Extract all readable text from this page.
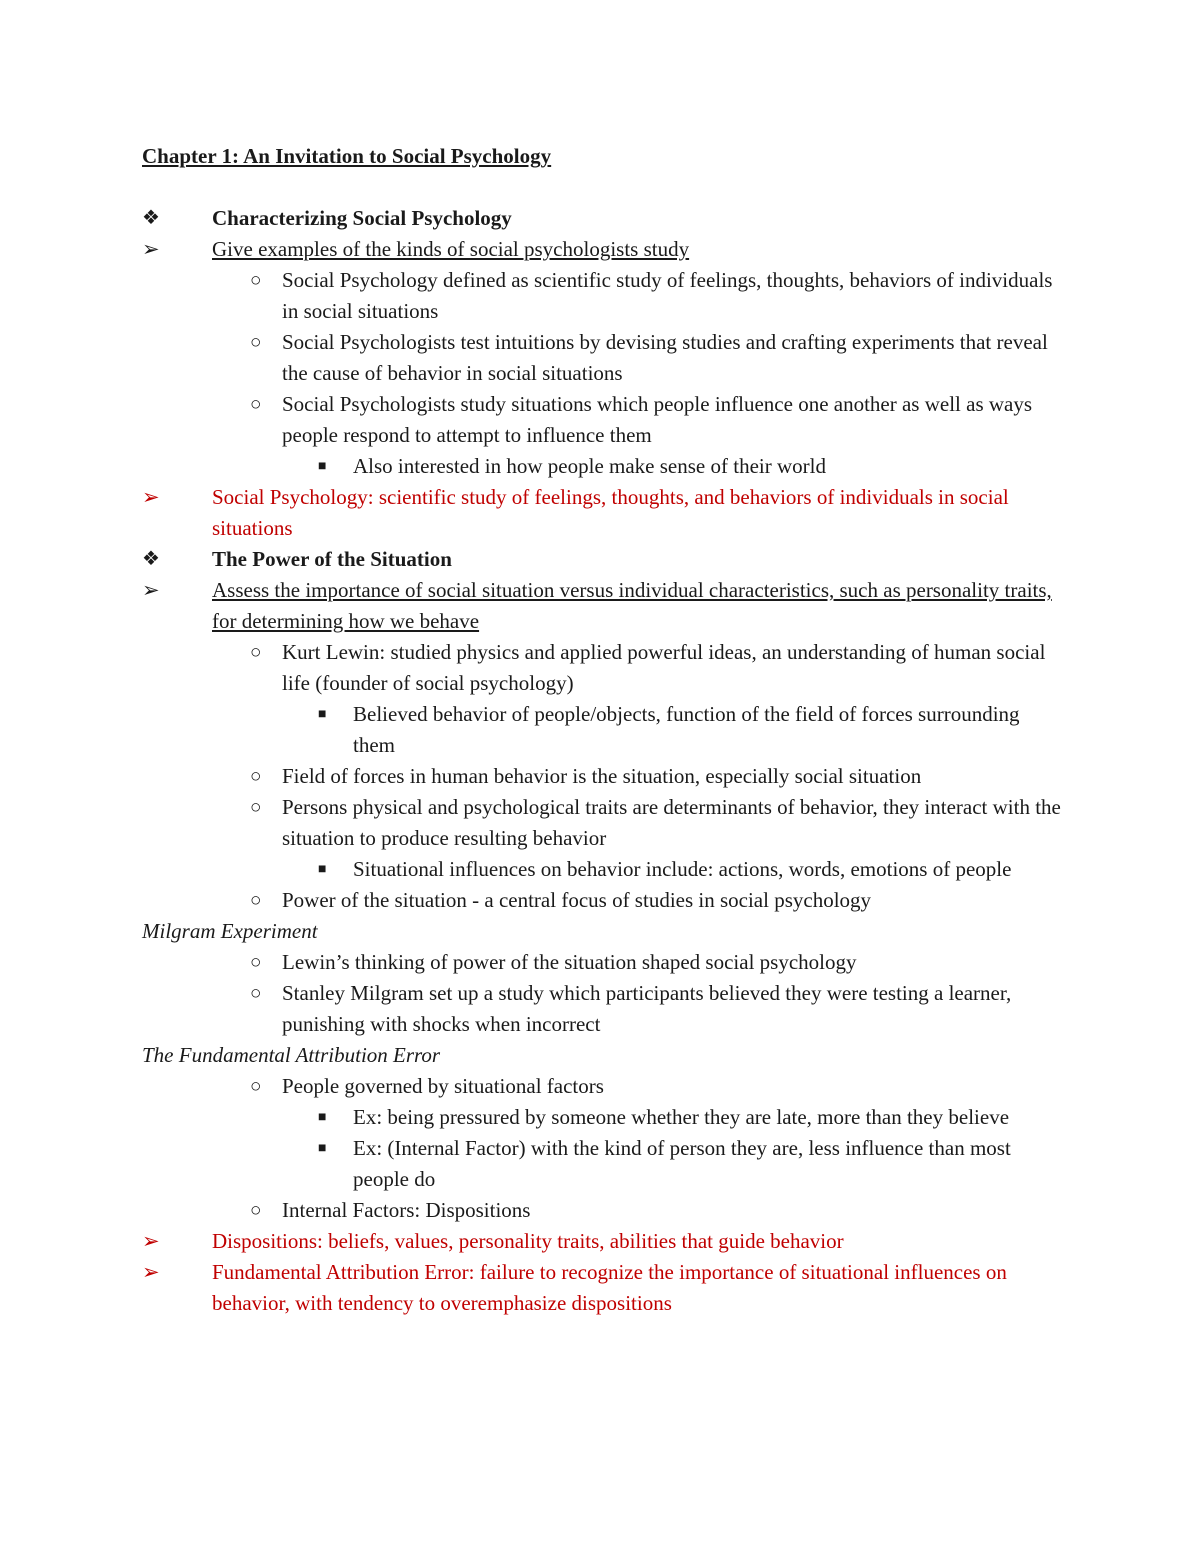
Chapter 1: An Invitation to Social Psychology
❖ Characterizing Social Psychology
➢ Give examples of the kinds of social psychologists study
○ Social Psychology defined as scientific study of feelings, thoughts, behaviors of individuals in social situations
○ Social Psychologists test intuitions by devising studies and crafting experiments that reveal the cause of behavior in social situations
○ Social Psychologists study situations which people influence one another as well as ways people respond to attempt to influence them
■ Also interested in how people make sense of their world
➢ Social Psychology: scientific study of feelings, thoughts, and behaviors of individuals in social situations
❖ The Power of the Situation
➢ Assess the importance of social situation versus individual characteristics, such as personality traits, for determining how we behave
○ Kurt Lewin: studied physics and applied powerful ideas, an understanding of human social life (founder of social psychology)
■ Believed behavior of people/objects, function of the field of forces surrounding them
○ Field of forces in human behavior is the situation, especially social situation
○ Persons physical and psychological traits are determinants of behavior, they interact with the situation to produce resulting behavior
■ Situational influences on behavior include: actions, words, emotions of people
○ Power of the situation - a central focus of studies in social psychology
Milgram Experiment
○ Lewin’s thinking of power of the situation shaped social psychology
○ Stanley Milgram set up a study which participants believed they were testing a learner, punishing with shocks when incorrect
The Fundamental Attribution Error
○ People governed by situational factors
■ Ex: being pressured by someone whether they are late, more than they believe
■ Ex: (Internal Factor) with the kind of person they are, less influence than most people do
○ Internal Factors: Dispositions
➢ Dispositions: beliefs, values, personality traits, abilities that guide behavior
➢ Fundamental Attribution Error: failure to recognize the importance of situational influences on behavior, with tendency to overemphasize dispositions
